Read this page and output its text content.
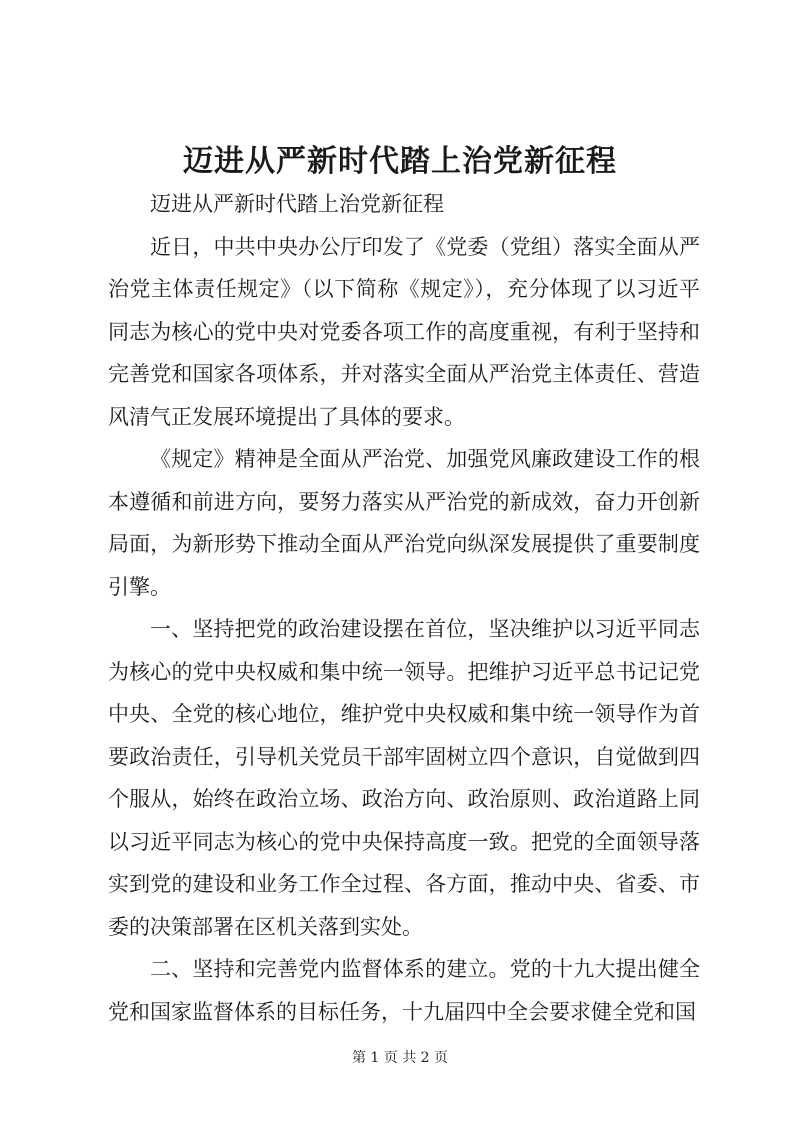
迈进从严新时代踏上治党新征程

迈进从严新时代踏上治党新征程

近日，中共中央办公厅印发了《党委（党组）落实全面从严治党主体责任规定》（以下简称《规定》），充分体现了以习近平同志为核心的党中央对党委各项工作的高度重视，有利于坚持和完善党和国家各项体系，并对落实全面从严治党主体责任、营造风清气正发展环境提出了具体的要求。

《规定》精神是全面从严治党、加强党风廉政建设工作的根本遵循和前进方向，要努力落实从严治党的新成效，奋力开创新局面，为新形势下推动全面从严治党向纵深发展提供了重要制度引擎。

一、坚持把党的政治建设摆在首位，坚决维护以习近平同志为核心的党中央权威和集中统一领导。把维护习近平总书记记党中央、全党的核心地位，维护党中央权威和集中统一领导作为首要政治责任，引导机关党员干部牢固树立四个意识，自觉做到四个服从，始终在政治立场、政治方向、政治原则、政治道路上同以习近平同志为核心的党中央保持高度一致。把党的全面领导落实到党的建设和业务工作全过程、各方面，推动中央、省委、市委的决策部署在区机关落到实处。

二、坚持和完善党内监督体系的建立。党的十九大提出健全党和国家监督体系的目标任务，十九届四中全会要求健全党和国

第 1 页 共 2 页
